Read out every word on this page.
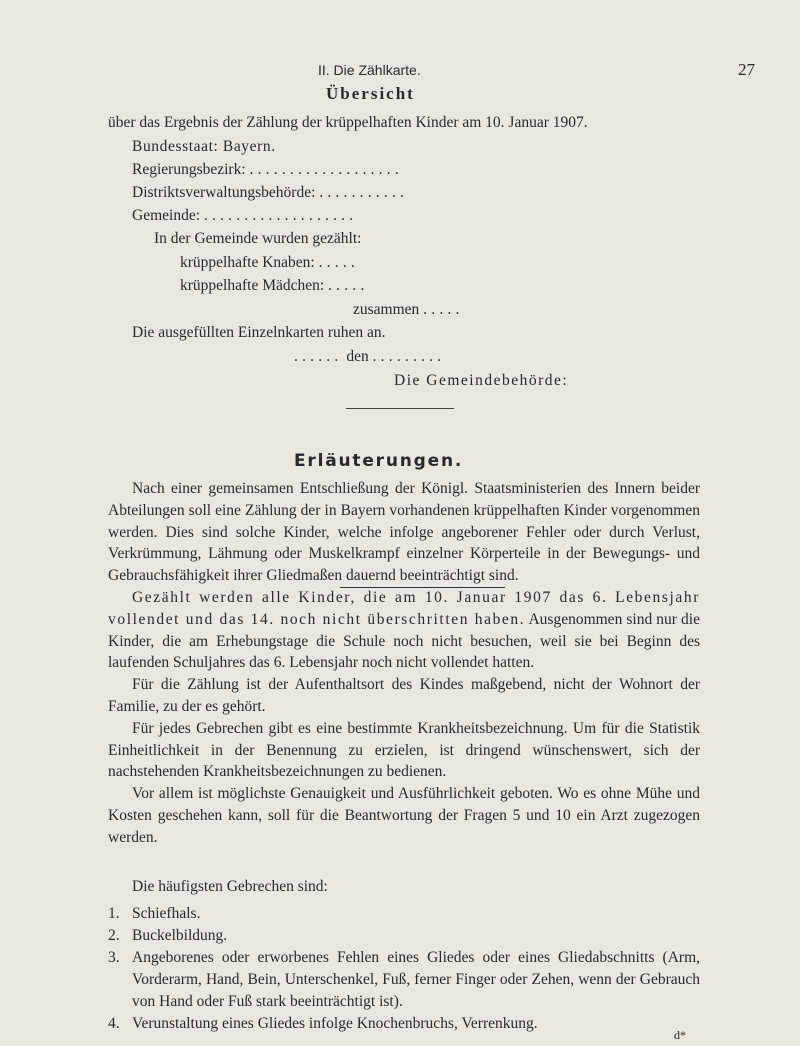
II. Die Zählkarte.	27
Übersicht
über das Ergebnis der Zählung der krüppelhaften Kinder am 10. Januar 1907.
Bundesstaat: Bayern.
Regierungsbezirk: ...................
Distriktsverwaltungsbehörde: ...........
Gemeinde: ...................
In der Gemeinde wurden gezählt:
krüppelhafte Knaben: .....
krüppelhafte Mädchen: .....
zusammen .....
Die ausgefüllten Einzelnkarten ruhen an.
...... den .........
Die Gemeindebehörde:
Erläuterungen.

Nach einer gemeinsamen Entschließung der Königl. Staatsministerien des Innern beider Abteilungen soll eine Zählung der in Bayern vorhandenen krüppelhaften Kinder vorgenommen werden. Dies sind solche Kinder, welche infolge angeborener Fehler oder durch Verlust, Verkrümmung, Lähmung oder Muskelkrampf einzelner Körperteile in der Bewegungs- und Gebrauchsfähigkeit ihrer Gliedmaßen dauernd beeinträchtigt sind.

Gezählt werden alle Kinder, die am 10. Januar 1907 das 6. Lebensjahr vollendet und das 14. noch nicht überschritten haben. Ausgenommen sind nur die Kinder, die am Erhebungstage die Schule noch nicht besuchen, weil sie bei Beginn des laufenden Schuljahres das 6. Lebensjahr noch nicht vollendet hatten.

Für die Zählung ist der Aufenthaltsort des Kindes maßgebend, nicht der Wohnort der Familie, zu der es gehört.

Für jedes Gebrechen gibt es eine bestimmte Krankheitsbezeichnung. Um für die Statistik Einheitlichkeit in der Benennung zu erzielen, ist dringend wünschenswert, sich der nachstehenden Krankheitsbezeichnungen zu bedienen.

Vor allem ist möglichste Genauigkeit und Ausführlichkeit geboten. Wo es ohne Mühe und Kosten geschehen kann, soll für die Beantwortung der Fragen 5 und 10 ein Arzt zugezogen werden.

Die häufigsten Gebrechen sind:
1. Schiefhals.
2. Buckelbildung.
3. Angeborenes oder erworbenes Fehlen eines Gliedes oder eines Gliedabschnitts (Arm, Vorderarm, Hand, Bein, Unterschenkel, Fuß, ferner Finger oder Zehen, wenn der Gebrauch von Hand oder Fuß stark beeinträchtigt ist).
4. Verunstaltung eines Gliedes infolge Knochenbruchs, Verrenkung.
d*
